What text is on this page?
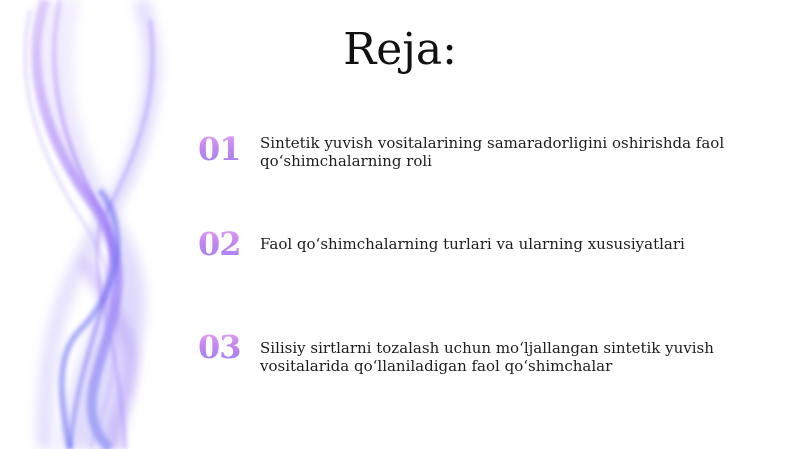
Reja:
01	Sintetik yuvish vositalarining samaradorligini oshirishda faol qo‘shimchalarning roli
02	Faol qo‘shimchalarning turlari va ularning xususiyatlari
03	Silisiy sirtlarni tozalash uchun mo‘ljallangan sintetik yuvish vositalarida qo‘llaniladigan faol qo‘shimchalar
